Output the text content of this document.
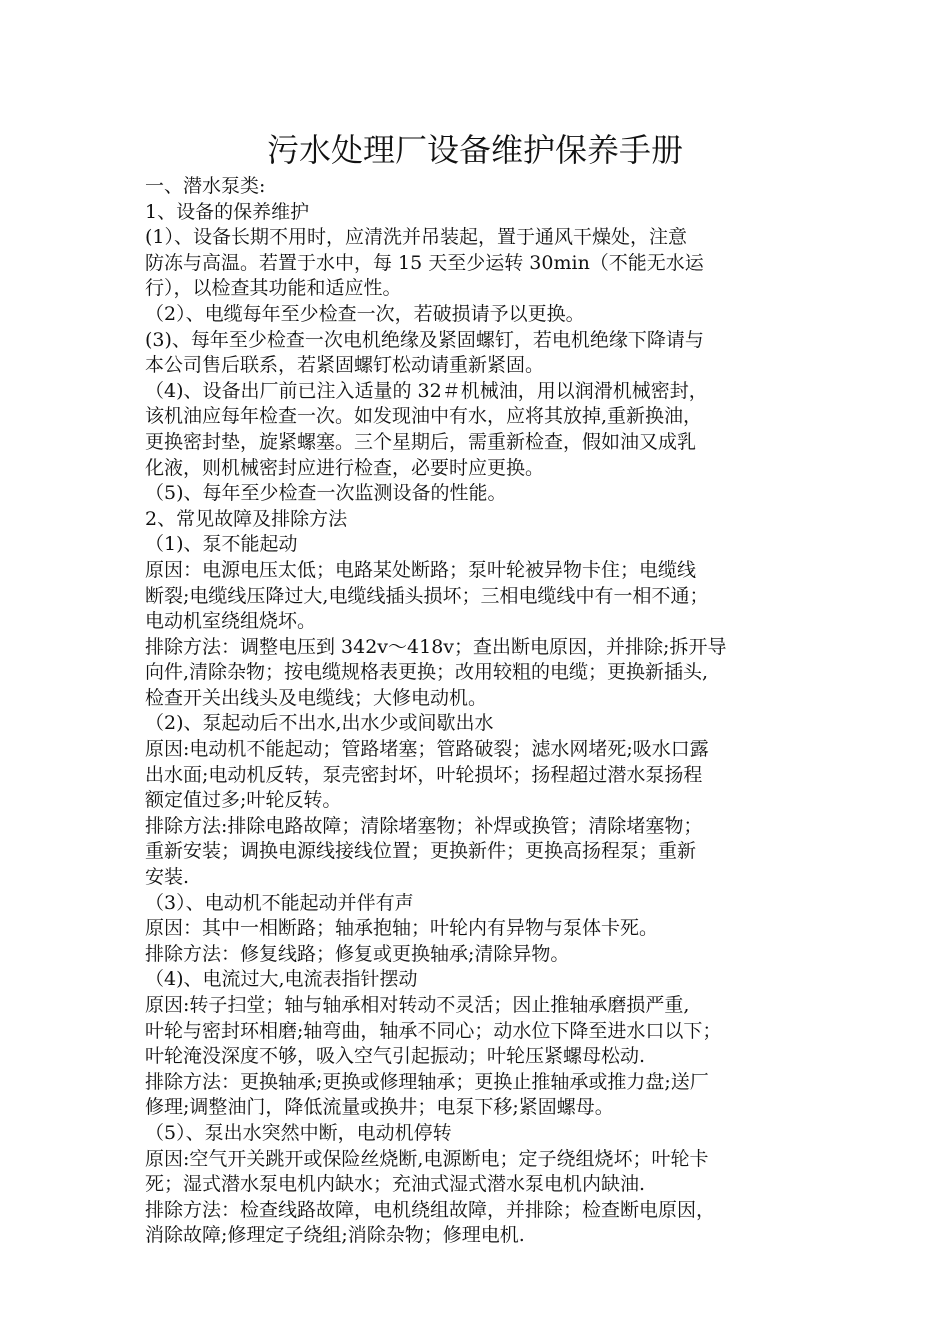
污水处理厂设备维护保养手册
一、潜水泵类:
1、设备的保养维护
(1）、设备长期不用时，应清洗并吊装起，置于通风干燥处，注意
防冻与高温。若置于水中，每 15 天至少运转 30min（不能无水运
行），以检查其功能和适应性。
（2）、电缆每年至少检查一次，若破损请予以更换。
(3)、每年至少检查一次电机绝缘及紧固螺钉，若电机绝缘下降请与
本公司售后联系，若紧固螺钉松动请重新紧固。
（4)、设备出厂前已注入适量的 32＃机械油，用以润滑机械密封，
该机油应每年检查一次。如发现油中有水，应将其放掉,重新换油，
更换密封垫，旋紧螺塞。三个星期后，需重新检查，假如油又成乳
化液，则机械密封应进行检查，必要时应更换。
（5)、每年至少检查一次监测设备的性能。
2、常见故障及排除方法
（1)、泵不能起动
原因：电源电压太低；电路某处断路；泵叶轮被异物卡住；电缆线
断裂;电缆线压降过大,电缆线插头损坏；三相电缆线中有一相不通；
电动机室绕组烧坏。
排除方法：调整电压到 342v～418v；查出断电原因，并排除;拆开导
向件,清除杂物；按电缆规格表更换；改用较粗的电缆；更换新插头,
检查开关出线头及电缆线；大修电动机。
（2)、泵起动后不出水,出水少或间歇出水
原因:电动机不能起动；管路堵塞；管路破裂；滤水网堵死;吸水口露
出水面;电动机反转，泵壳密封坏，叶轮损坏；扬程超过潜水泵扬程
额定值过多;叶轮反转。
排除方法:排除电路故障；清除堵塞物；补焊或换管；清除堵塞物；
重新安装；调换电源线接线位置；更换新件；更换高扬程泵；重新
安装.
（3）、电动机不能起动并伴有声
原因：其中一相断路；轴承抱轴；叶轮内有异物与泵体卡死。
排除方法：修复线路；修复或更换轴承;清除异物。
（4)、电流过大,电流表指针摆动
原因:转子扫堂；轴与轴承相对转动不灵活；因止推轴承磨损严重,
叶轮与密封环相磨;轴弯曲，轴承不同心；动水位下降至进水口以下；
叶轮淹没深度不够，吸入空气引起振动；叶轮压紧螺母松动.
排除方法：更换轴承;更换或修理轴承；更换止推轴承或推力盘;送厂
修理;调整油门，降低流量或换井；电泵下移;紧固螺母。
（5）、泵出水突然中断，电动机停转
原因:空气开关跳开或保险丝烧断,电源断电；定子绕组烧坏；叶轮卡
死；湿式潜水泵电机内缺水；充油式湿式潜水泵电机内缺油.
排除方法：检查线路故障，电机绕组故障，并排除；检查断电原因，
消除故障;修理定子绕组;消除杂物；修理电机.
